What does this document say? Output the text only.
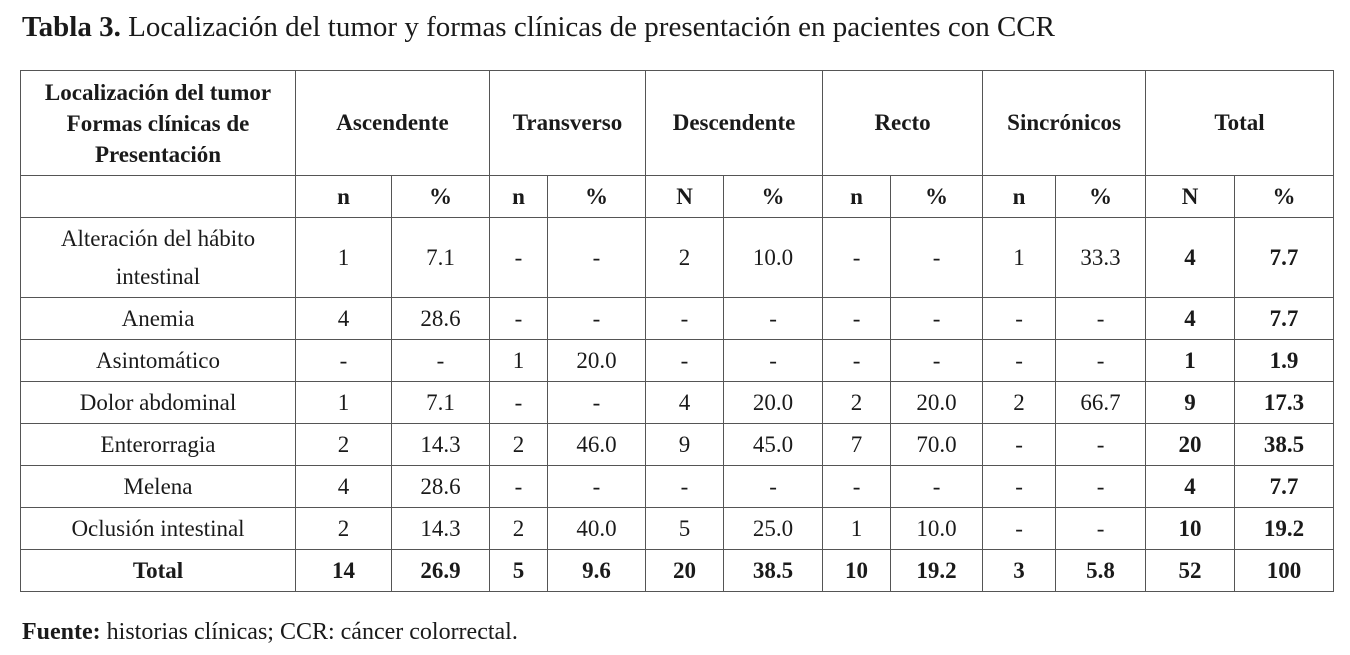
Tabla 3. Localización del tumor y formas clínicas de presentación en pacientes con CCR
Localización del tumor
Formas clínicas de
Presentación	Ascendente		Transverso		Descendente		Recto		Sincrónicos		Total	
	n	%	n	%	N	%	n	%	n	%	N	%

Alteración del hábito
intestinal	1	7.1	-	-	2	10.0	-	-	1	33.3	4	7.7
Anemia	4	28.6	-	-	-	-	-	-	-	-	4	7.7
Asintomático	-	-	1	20.0	-	-	-	-	-	-	1	1.9
Dolor abdominal	1	7.1	-	-	4	20.0	2	20.0	2	66.7	9	17.3
Enterorragia	2	14.3	2	46.0	9	45.0	7	70.0	-	-	20	38.5
Melena	4	28.6	-	-	-	-	-	-	-	-	4	7.7
Oclusión intestinal	2	14.3	2	40.0	5	25.0	1	10.0	-	-	10	19.2
Total	14	26.9	5	9.6	20	38.5	10	19.2	3	5.8	52	100
Fuente: historias clínicas; CCR: cáncer colorrectal.
